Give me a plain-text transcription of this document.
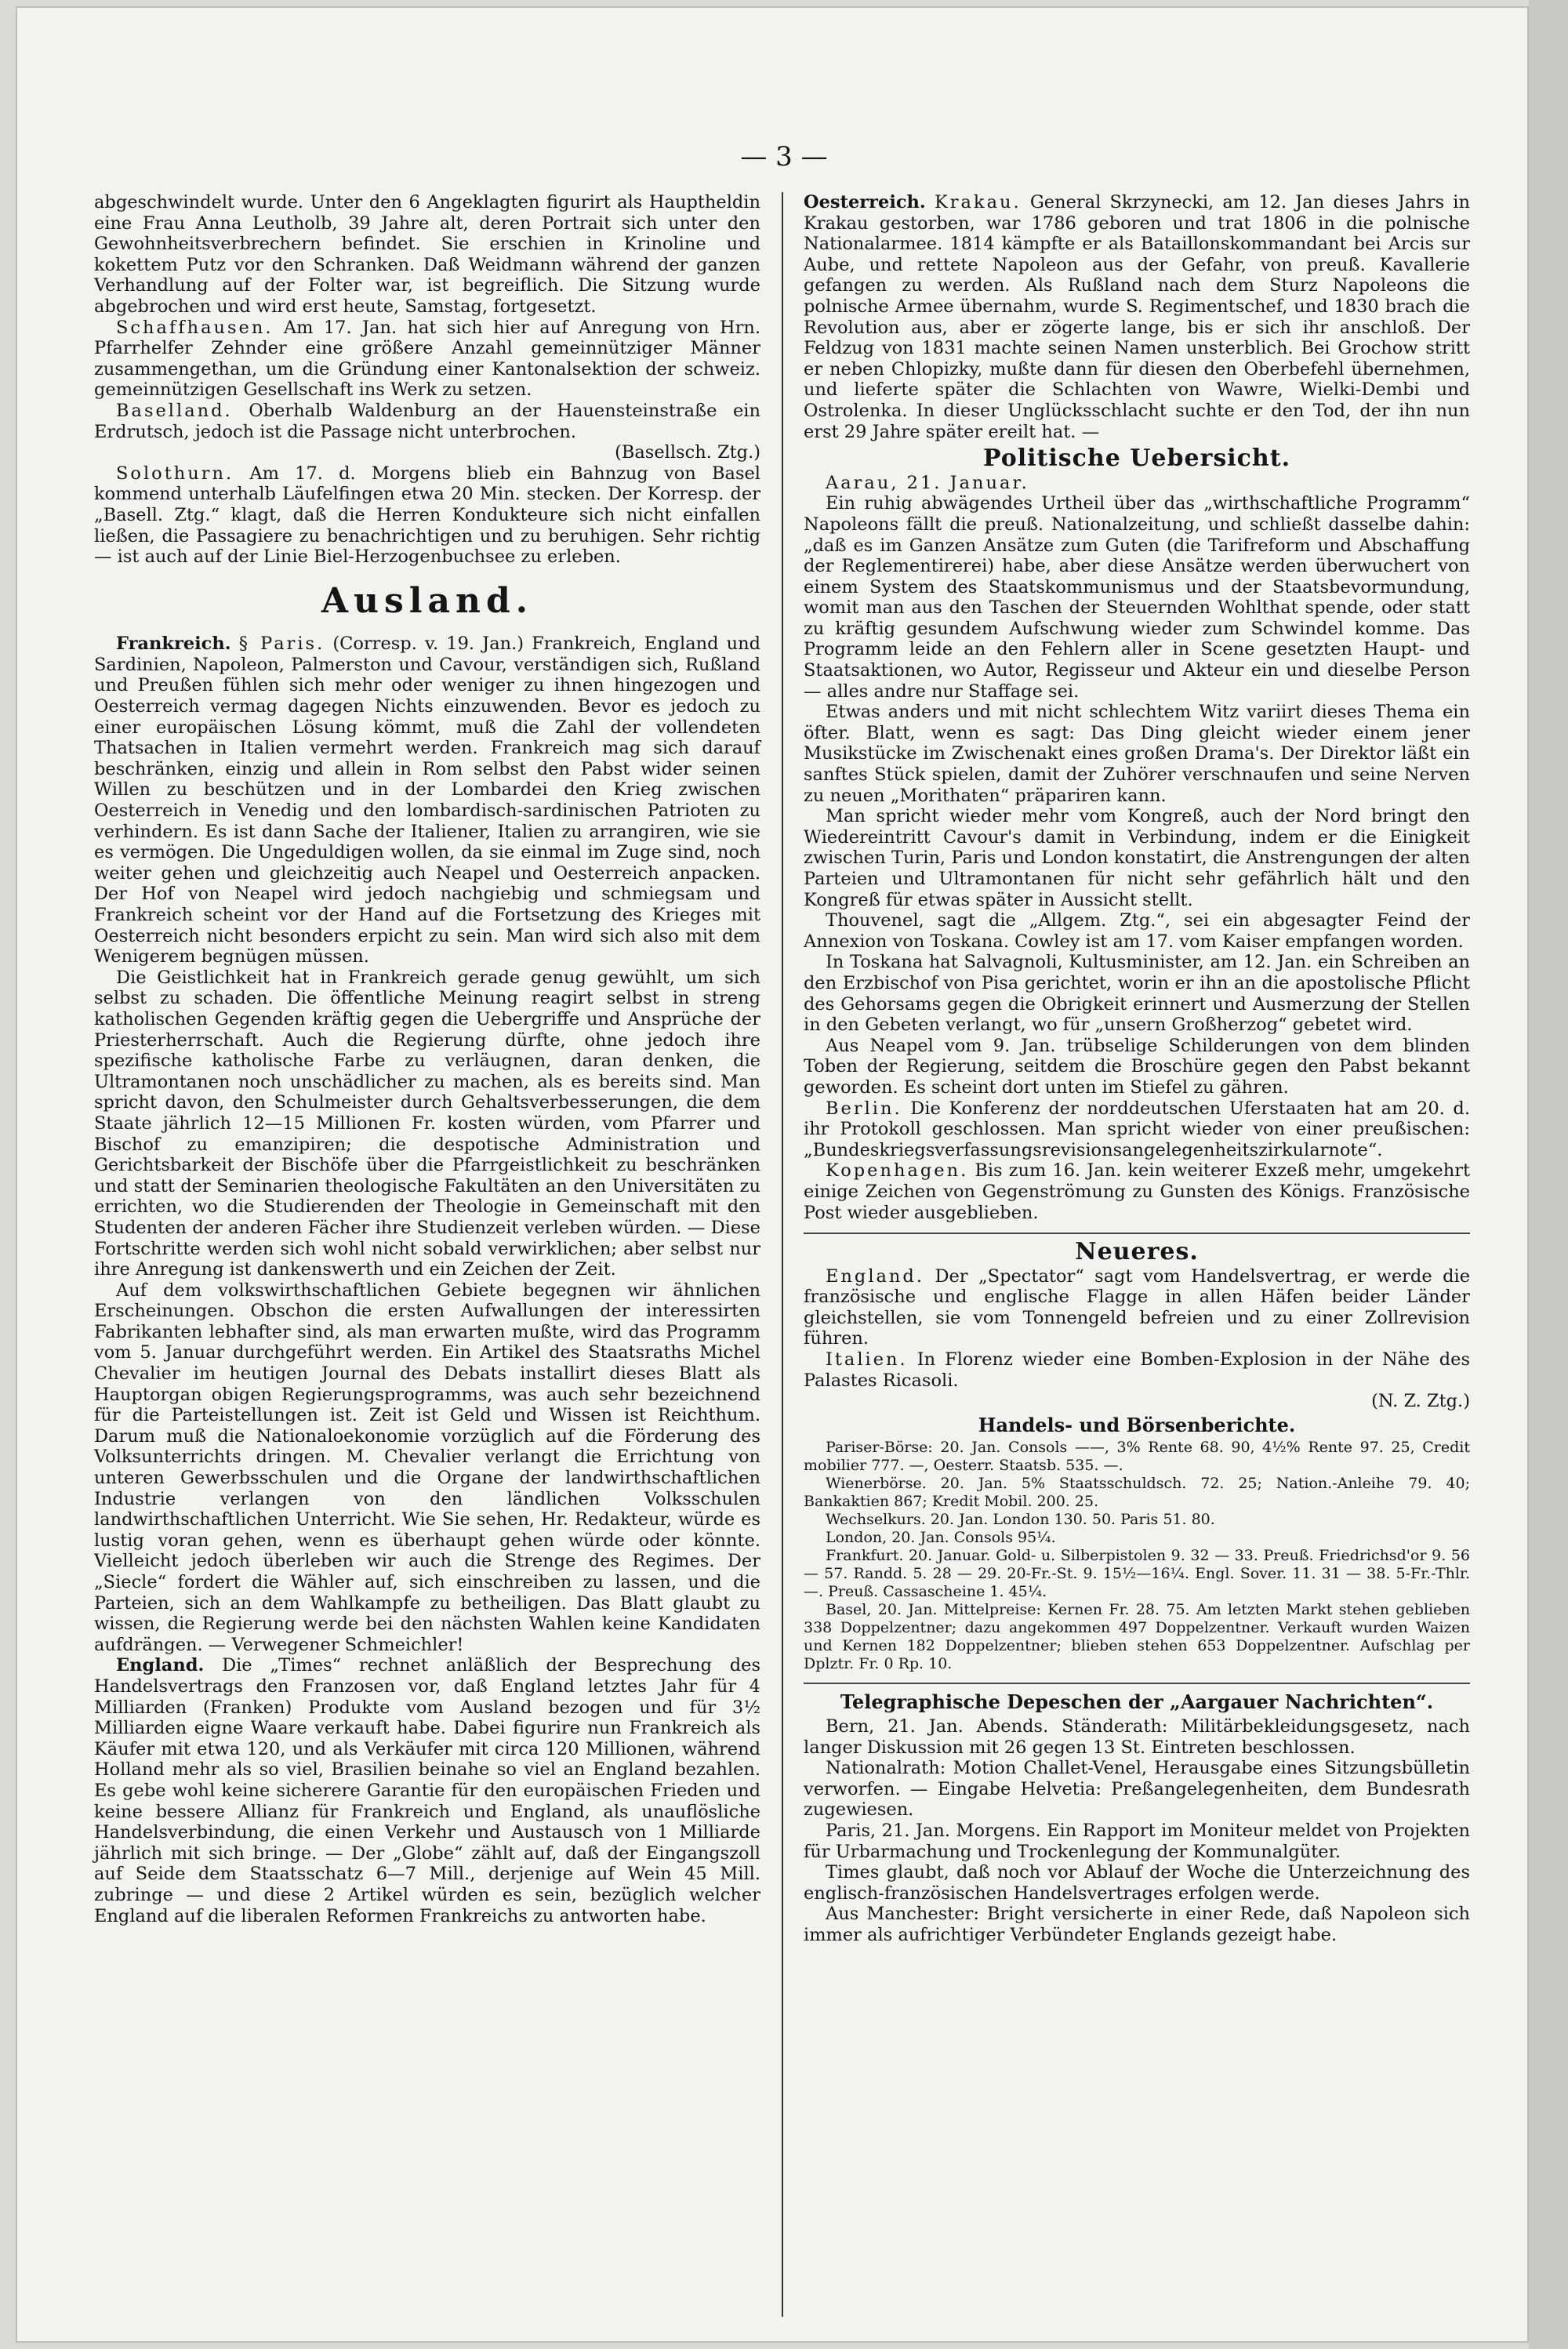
— 3 —

abgeschwindelt wurde. Unter den 6 Angeklagten figurirt als Hauptheldin eine Frau Anna Leutholb, 39 Jahre alt, deren Portrait sich unter den Gewohnheitsverbrechern befindet. Sie erschien in Krinoline und kokettem Putz vor den Schranken. Daß Weidmann während der ganzen Verhandlung auf der Folter war, ist begreiflich. Die Sitzung wurde abgebrochen und wird erst heute, Samstag, fortgesetzt.

Schaffhausen. Am 17. Jan. hat sich hier auf Anregung von Hrn. Pfarrhelfer Zehnder eine größere Anzahl gemeinnütziger Männer zusammengethan, um die Gründung einer Kantonalsektion der schweiz. gemeinnützigen Gesellschaft ins Werk zu setzen.

Baselland. Oberhalb Waldenburg an der Hauensteinstraße ein Erdrutsch, jedoch ist die Passage nicht unterbrochen.

(Basellsch. Ztg.)

Solothurn. Am 17. d. Morgens blieb ein Bahnzug von Basel kommend unterhalb Läufelfingen etwa 20 Min. stecken. Der Korresp. der „Basell. Ztg.“ klagt, daß die Herren Kondukteure sich nicht einfallen ließen, die Passagiere zu benachrichtigen und zu beruhigen. Sehr richtig — ist auch auf der Linie Biel-Herzogenbuchsee zu erleben.

Ausland.

Frankreich. § Paris. (Corresp. v. 19. Jan.) Frankreich, England und Sardinien, Napoleon, Palmerston und Cavour, verständigen sich, Rußland und Preußen fühlen sich mehr oder weniger zu ihnen hingezogen und Oesterreich vermag dagegen Nichts einzuwenden. Bevor es jedoch zu einer europäischen Lösung kömmt, muß die Zahl der vollendeten Thatsachen in Italien vermehrt werden. Frankreich mag sich darauf beschränken, einzig und allein in Rom selbst den Pabst wider seinen Willen zu beschützen und in der Lombardei den Krieg zwischen Oesterreich in Venedig und den lombardisch-sardinischen Patrioten zu verhindern. Es ist dann Sache der Italiener, Italien zu arrangiren, wie sie es vermögen. Die Ungeduldigen wollen, da sie einmal im Zuge sind, noch weiter gehen und gleichzeitig auch Neapel und Oesterreich anpacken. Der Hof von Neapel wird jedoch nachgiebig und schmiegsam und Frankreich scheint vor der Hand auf die Fortsetzung des Krieges mit Oesterreich nicht besonders erpicht zu sein. Man wird sich also mit dem Wenigerem begnügen müssen.

Die Geistlichkeit hat in Frankreich gerade genug gewühlt, um sich selbst zu schaden. Die öffentliche Meinung reagirt selbst in streng katholischen Gegenden kräftig gegen die Uebergriffe und Ansprüche der Priesterherrschaft. Auch die Regierung dürfte, ohne jedoch ihre spezifische katholische Farbe zu verläugnen, daran denken, die Ultramontanen noch unschädlicher zu machen, als es bereits sind. Man spricht davon, den Schulmeister durch Gehaltsverbesserungen, die dem Staate jährlich 12—15 Millionen Fr. kosten würden, vom Pfarrer und Bischof zu emanzipiren; die despotische Administration und Gerichtsbarkeit der Bischöfe über die Pfarrgeistlichkeit zu beschränken und statt der Seminarien theologische Fakultäten an den Universitäten zu errichten, wo die Studierenden der Theologie in Gemeinschaft mit den Studenten der anderen Fächer ihre Studienzeit verleben würden. — Diese Fortschritte werden sich wohl nicht sobald verwirklichen; aber selbst nur ihre Anregung ist dankenswerth und ein Zeichen der Zeit.

Auf dem volkswirthschaftlichen Gebiete begegnen wir ähnlichen Erscheinungen. Obschon die ersten Aufwallungen der interessirten Fabrikanten lebhafter sind, als man erwarten mußte, wird das Programm vom 5. Januar durchgeführt werden. Ein Artikel des Staatsraths Michel Chevalier im heutigen Journal des Debats installirt dieses Blatt als Hauptorgan obigen Regierungsprogramms, was auch sehr bezeichnend für die Parteistellungen ist. Zeit ist Geld und Wissen ist Reichthum. Darum muß die Nationaloekonomie vorzüglich auf die Förderung des Volksunterrichts dringen. M. Chevalier verlangt die Errichtung von unteren Gewerbsschulen und die Organe der landwirthschaftlichen Industrie verlangen von den ländlichen Volksschulen landwirthschaftlichen Unterricht. Wie Sie sehen, Hr. Redakteur, würde es lustig voran gehen, wenn es überhaupt gehen würde oder könnte. Vielleicht jedoch überleben wir auch die Strenge des Regimes. Der „Siecle“ fordert die Wähler auf, sich einschreiben zu lassen, und die Parteien, sich an dem Wahlkampfe zu betheiligen. Das Blatt glaubt zu wissen, die Regierung werde bei den nächsten Wahlen keine Kandidaten aufdrängen. — Verwegener Schmeichler!

England. Die „Times“ rechnet anläßlich der Besprechung des Handelsvertrags den Franzosen vor, daß England letztes Jahr für 4 Milliarden (Franken) Produkte vom Ausland bezogen und für 3½ Milliarden eigne Waare verkauft habe. Dabei figurire nun Frankreich als Käufer mit etwa 120, und als Verkäufer mit circa 120 Millionen, während Holland mehr als so viel, Brasilien beinahe so viel an England bezahlen. Es gebe wohl keine sicherere Garantie für den europäischen Frieden und keine bessere Allianz für Frankreich und England, als unauflösliche Handelsverbindung, die einen Verkehr und Austausch von 1 Milliarde jährlich mit sich bringe. — Der „Globe“ zählt auf, daß der Eingangszoll auf Seide dem Staatsschatz 6—7 Mill., derjenige auf Wein 45 Mill. zubringe — und diese 2 Artikel würden es sein, bezüglich welcher England auf die liberalen Reformen Frankreichs zu antworten habe.

Oesterreich. Krakau. General Skrzynecki, am 12. Jan dieses Jahrs in Krakau gestorben, war 1786 geboren und trat 1806 in die polnische Nationalarmee. 1814 kämpfte er als Bataillonskommandant bei Arcis sur Aube, und rettete Napoleon aus der Gefahr, von preuß. Kavallerie gefangen zu werden. Als Rußland nach dem Sturz Napoleons die polnische Armee übernahm, wurde S. Regimentschef, und 1830 brach die Revolution aus, aber er zögerte lange, bis er sich ihr anschloß. Der Feldzug von 1831 machte seinen Namen unsterblich. Bei Grochow stritt er neben Chlopizky, mußte dann für diesen den Oberbefehl übernehmen, und lieferte später die Schlachten von Wawre, Wielki-Dembi und Ostrolenka. In dieser Unglücksschlacht suchte er den Tod, der ihn nun erst 29 Jahre später ereilt hat. —

Politische Uebersicht.

Aarau, 21. Januar.

Ein ruhig abwägendes Urtheil über das „wirthschaftliche Programm“ Napoleons fällt die preuß. Nationalzeitung, und schließt dasselbe dahin: „daß es im Ganzen Ansätze zum Guten (die Tarifreform und Abschaffung der Reglementirerei) habe, aber diese Ansätze werden überwuchert von einem System des Staatskommunismus und der Staatsbevormundung, womit man aus den Taschen der Steuernden Wohlthat spende, oder statt zu kräftig gesundem Aufschwung wieder zum Schwindel komme. Das Programm leide an den Fehlern aller in Scene gesetzten Haupt- und Staatsaktionen, wo Autor, Regisseur und Akteur ein und dieselbe Person — alles andre nur Staffage sei.

Etwas anders und mit nicht schlechtem Witz variirt dieses Thema ein öfter. Blatt, wenn es sagt: Das Ding gleicht wieder einem jener Musikstücke im Zwischenakt eines großen Drama's. Der Direktor läßt ein sanftes Stück spielen, damit der Zuhörer verschnaufen und seine Nerven zu neuen „Morithaten“ präpariren kann.

Man spricht wieder mehr vom Kongreß, auch der Nord bringt den Wiedereintritt Cavour's damit in Verbindung, indem er die Einigkeit zwischen Turin, Paris und London konstatirt, die Anstrengungen der alten Parteien und Ultramontanen für nicht sehr gefährlich hält und den Kongreß für etwas später in Aussicht stellt.

Thouvenel, sagt die „Allgem. Ztg.“, sei ein abgesagter Feind der Annexion von Toskana. Cowley ist am 17. vom Kaiser empfangen worden.

In Toskana hat Salvagnoli, Kultusminister, am 12. Jan. ein Schreiben an den Erzbischof von Pisa gerichtet, worin er ihn an die apostolische Pflicht des Gehorsams gegen die Obrigkeit erinnert und Ausmerzung der Stellen in den Gebeten verlangt, wo für „unsern Großherzog“ gebetet wird.

Aus Neapel vom 9. Jan. trübselige Schilderungen von dem blinden Toben der Regierung, seitdem die Broschüre gegen den Pabst bekannt geworden. Es scheint dort unten im Stiefel zu gähren.

Berlin. Die Konferenz der norddeutschen Uferstaaten hat am 20. d. ihr Protokoll geschlossen. Man spricht wieder von einer preußischen: „Bundeskriegsverfassungsrevisionsangelegenheitszirkularnote“.

Kopenhagen. Bis zum 16. Jan. kein weiterer Exzeß mehr, umgekehrt einige Zeichen von Gegenströmung zu Gunsten des Königs. Französische Post wieder ausgeblieben.

Neueres.

England. Der „Spectator“ sagt vom Handelsvertrag, er werde die französische und englische Flagge in allen Häfen beider Länder gleichstellen, sie vom Tonnengeld befreien und zu einer Zollrevision führen.

Italien. In Florenz wieder eine Bomben-Explosion in der Nähe des Palastes Ricasoli.

(N. Z. Ztg.)

Handels- und Börsenberichte.

Pariser-Börse: 20. Jan. Consols ——, 3% Rente 68. 90, 4½% Rente 97. 25, Credit mobilier 777. —, Oesterr. Staatsb. 535. —.

Wienerbörse. 20. Jan. 5% Staatsschuldsch. 72. 25; Nation.-Anleihe 79. 40; Bankaktien 867; Kredit Mobil. 200. 25.

Wechselkurs. 20. Jan. London 130. 50. Paris 51. 80.

London, 20. Jan. Consols 95¼.

Frankfurt. 20. Januar. Gold- u. Silberpistolen 9. 32 — 33. Preuß. Friedrichsd'or 9. 56 — 57. Randd. 5. 28 — 29. 20-Fr.-St. 9. 15½—16¼. Engl. Sover. 11. 31 — 38. 5-Fr.-Thlr. —. Preuß. Cassascheine 1. 45¼.

Basel, 20. Jan. Mittelpreise: Kernen Fr. 28. 75. Am letzten Markt stehen geblieben 338 Doppelzentner; dazu angekommen 497 Doppelzentner. Verkauft wurden Waizen und Kernen 182 Doppelzentner; blieben stehen 653 Doppelzentner. Aufschlag per Dplztr. Fr. 0 Rp. 10.

Telegraphische Depeschen der „Aargauer Nachrichten“.

Bern, 21. Jan. Abends. Ständerath: Militärbekleidungsgesetz, nach langer Diskussion mit 26 gegen 13 St. Eintreten beschlossen.

Nationalrath: Motion Challet-Venel, Herausgabe eines Sitzungsbülletin verworfen. — Eingabe Helvetia: Preßangelegenheiten, dem Bundesrath zugewiesen.

Paris, 21. Jan. Morgens. Ein Rapport im Moniteur meldet von Projekten für Urbarmachung und Trockenlegung der Kommunalgüter.

Times glaubt, daß noch vor Ablauf der Woche die Unterzeichnung des englisch-französischen Handelsvertrages erfolgen werde.

Aus Manchester: Bright versicherte in einer Rede, daß Napoleon sich immer als aufrichtiger Verbündeter Englands gezeigt habe.
